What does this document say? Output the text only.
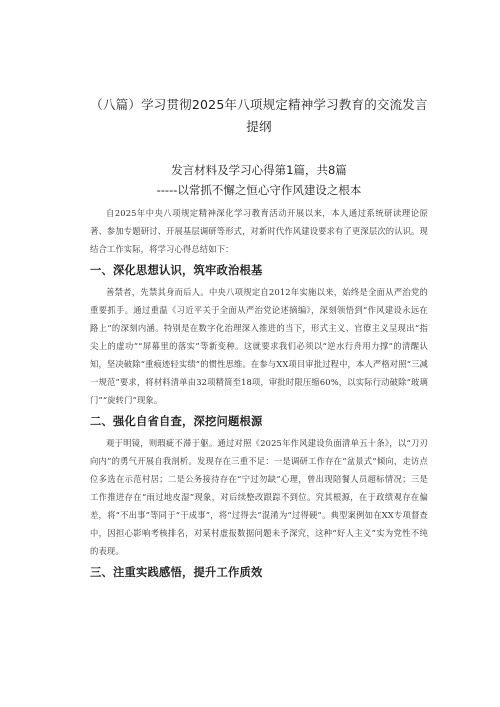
（八篇）学习贯彻2025年八项规定精神学习教育的交流发言提纲
发言材料及学习心得第1篇，共8篇
-----以常抓不懈之恒心守作风建设之根本

自2025年中央八项规定精神深化学习教育活动开展以来，本人通过系统研读理论原著、参加专题研讨、开展基层调研等形式，对新时代作风建设要求有了更深层次的认识。现结合工作实际，将学习心得总结如下：

一、深化思想认识，筑牢政治根基

善禁者，先禁其身而后人。中央八项规定自2012年实施以来，始终是全面从严治党的重要抓手。通过重温《习近平关于全面从严治党论述摘编》，深刻领悟到“作风建设永远在路上”的深刻内涵。特别是在数字化治理深入推进的当下，形式主义、官僚主义呈现出“指尖上的虚功”“屏幕里的落实”等新变种。这就要求我们必须以“逆水行舟用力撑”的清醒认知，坚决破除“重痕迹轻实绩”的惯性思维。在参与XX项目审批过程中，本人严格对照“三减一规范”要求，将材料清单由32项精简至18项，审批时限压缩60%，以实际行动破除“玻璃门”“旋转门”现象。

二、强化自省自查，深挖问题根源

观于明镜，则瑕疵不滞于躯。通过对照《2025年作风建设负面清单五十条》，以“刀刃向内”的勇气开展自我剖析。发现存在三重不足：一是调研工作存在“盆景式”倾向，走访点位多选在示范村居；二是公务接待存在“宁过勿缺”心理，曾出现陪餐人员超标情况；三是工作推进存在“雨过地皮湿”现象，对后续整改跟踪不到位。究其根源，在于政绩观存在偏差，将“不出事”等同于“干成事”，将“过得去”混淆为“过得硬”。典型案例如在XX专项督查中，因担心影响考核排名，对某村虚报数据问题未予深究，这种“好人主义”实为党性不纯的表现。

三、注重实践感悟，提升工作质效
